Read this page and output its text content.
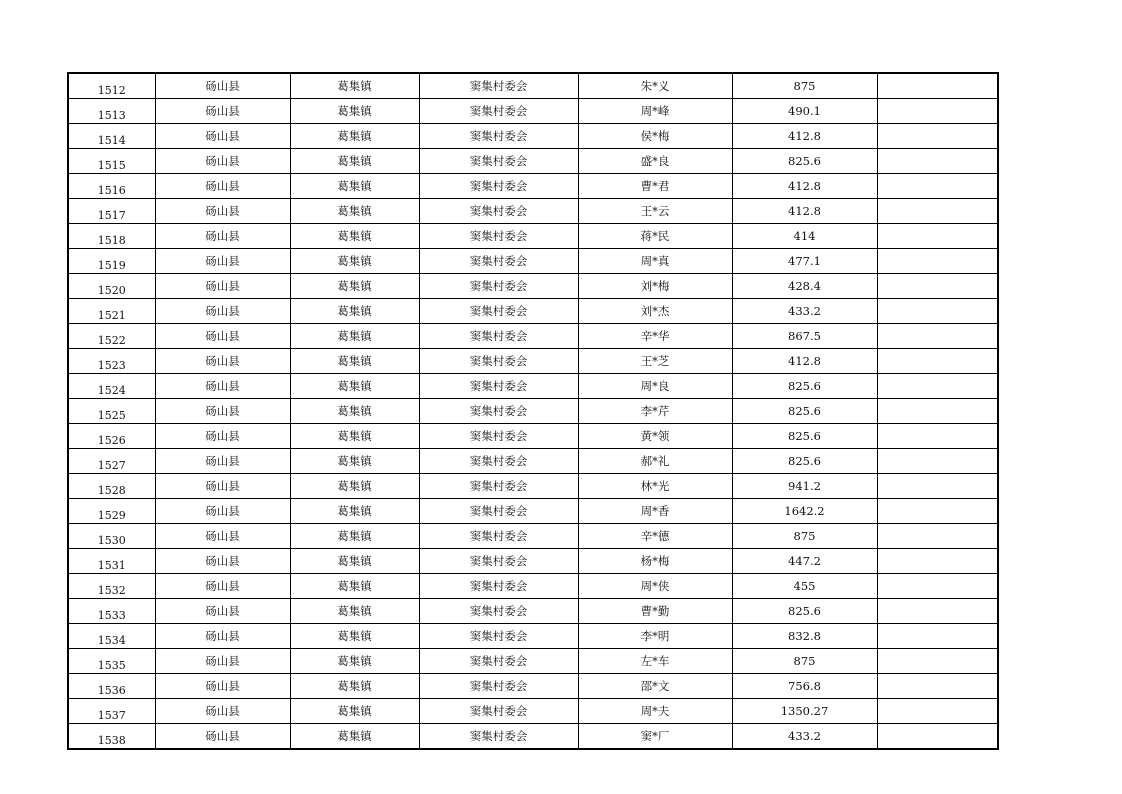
1512	砀山县	葛集镇	窦集村委会	朱*义	875	
1513	砀山县	葛集镇	窦集村委会	周*峰	490.1	
1514	砀山县	葛集镇	窦集村委会	侯*梅	412.8	
1515	砀山县	葛集镇	窦集村委会	盛*良	825.6	
1516	砀山县	葛集镇	窦集村委会	曹*君	412.8	
1517	砀山县	葛集镇	窦集村委会	王*云	412.8	
1518	砀山县	葛集镇	窦集村委会	蒋*民	414	
1519	砀山县	葛集镇	窦集村委会	周*真	477.1	
1520	砀山县	葛集镇	窦集村委会	刘*梅	428.4	
1521	砀山县	葛集镇	窦集村委会	刘*杰	433.2	
1522	砀山县	葛集镇	窦集村委会	辛*华	867.5	
1523	砀山县	葛集镇	窦集村委会	王*芝	412.8	
1524	砀山县	葛集镇	窦集村委会	周*良	825.6	
1525	砀山县	葛集镇	窦集村委会	李*芹	825.6	
1526	砀山县	葛集镇	窦集村委会	黄*领	825.6	
1527	砀山县	葛集镇	窦集村委会	郝*礼	825.6	
1528	砀山县	葛集镇	窦集村委会	林*光	941.2	
1529	砀山县	葛集镇	窦集村委会	周*香	1642.2	
1530	砀山县	葛集镇	窦集村委会	辛*德	875	
1531	砀山县	葛集镇	窦集村委会	杨*梅	447.2	
1532	砀山县	葛集镇	窦集村委会	周*侠	455	
1533	砀山县	葛集镇	窦集村委会	曹*勤	825.6	
1534	砀山县	葛集镇	窦集村委会	李*明	832.8	
1535	砀山县	葛集镇	窦集村委会	左*车	875	
1536	砀山县	葛集镇	窦集村委会	邵*文	756.8	
1537	砀山县	葛集镇	窦集村委会	周*夫	1350.27	
1538	砀山县	葛集镇	窦集村委会	窦*厂	433.2	
